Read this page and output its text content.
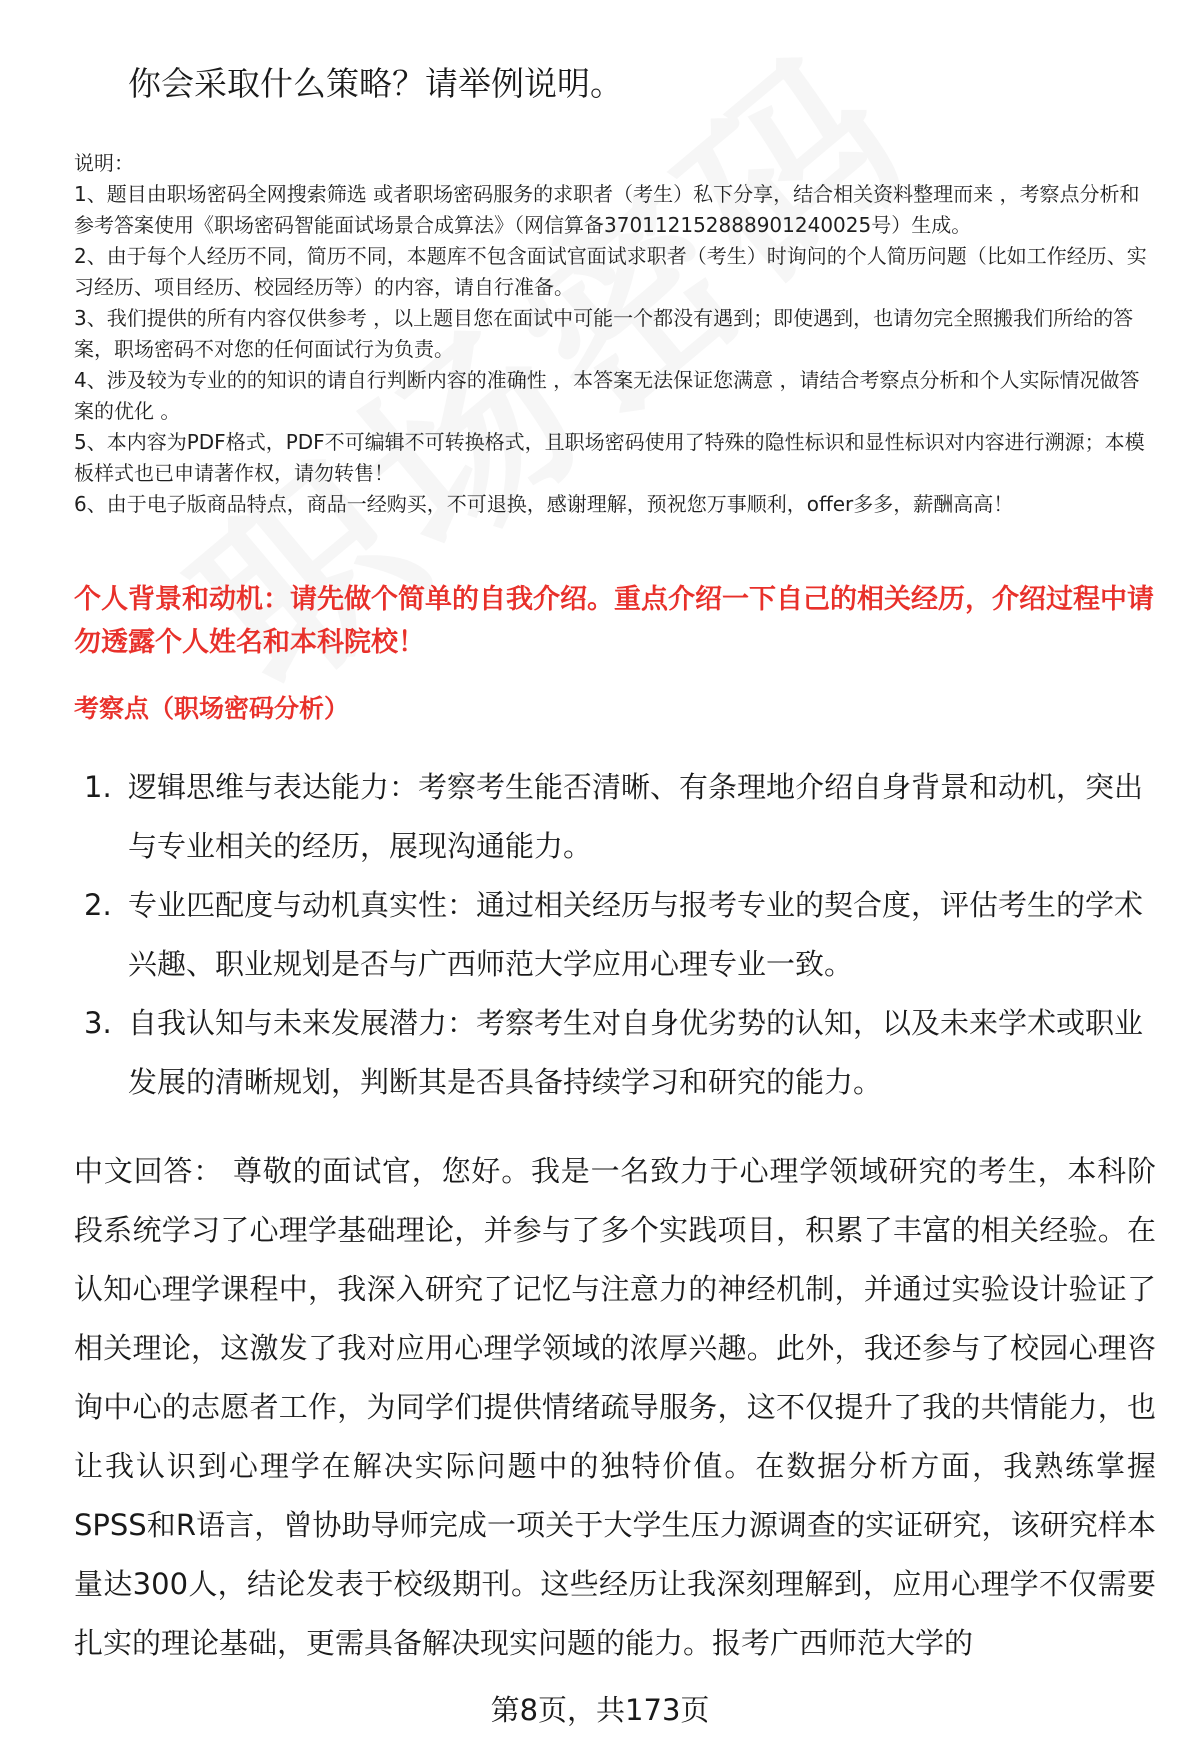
你会采取什么策略？请举例说明。

说明：

1、题目由职场密码全网搜索筛选 或者职场密码服务的求职者（考生）私下分享，结合相关资料整理而来 ，考察点分析和参考答案使用《职场密码智能面试场景合成算法》（网信算备370112152888901240025号）生成。

2、由于每个人经历不同，简历不同，本题库不包含面试官面试求职者（考生）时询问的个人简历问题（比如工作经历、实习经历、项目经历、校园经历等）的内容，请自行准备。

3、我们提供的所有内容仅供参考 ，以上题目您在面试中可能一个都没有遇到；即使遇到，也请勿完全照搬我们所给的答案，职场密码不对您的任何面试行为负责。

4、涉及较为专业的的知识的请自行判断内容的准确性 ，本答案无法保证您满意 ，请结合考察点分析和个人实际情况做答案的优化 。

5、本内容为PDF格式，PDF不可编辑不可转换格式，且职场密码使用了特殊的隐性标识和显性标识对内容进行溯源；本模板样式也已申请著作权，请勿转售！

6、由于电子版商品特点，商品一经购买，不可退换，感谢理解，预祝您万事顺利，offer多多，薪酬高高！

个人背景和动机：请先做个简单的自我介绍。重点介绍一下自己的相关经历，介绍过程中请勿透露个人姓名和本科院校！
考察点（职场密码分析）
1. 逻辑思维与表达能力：考察考生能否清晰、有条理地介绍自身背景和动机，突出与专业相关的经历，展现沟通能力。
2. 专业匹配度与动机真实性：通过相关经历与报考专业的契合度，评估考生的学术兴趣、职业规划是否与广西师范大学应用心理专业一致。
3. 自我认知与未来发展潜力：考察考生对自身优劣势的认知，以及未来学术或职业发展的清晰规划，判断其是否具备持续学习和研究的能力。
中文回答： 尊敬的面试官，您好。我是一名致力于心理学领域研究的考生，本科阶段系统学习了心理学基础理论，并参与了多个实践项目，积累了丰富的相关经验。在认知心理学课程中，我深入研究了记忆与注意力的神经机制，并通过实验设计验证了相关理论，这激发了我对应用心理学领域的浓厚兴趣。此外，我还参与了校园心理咨询中心的志愿者工作，为同学们提供情绪疏导服务，这不仅提升了我的共情能力，也让我认识到心理学在解决实际问题中的独特价值。在数据分析方面，我熟练掌握SPSS和R语言，曾协助导师完成一项关于大学生压力源调查的实证研究，该研究样本量达300人，结论发表于校级期刊。这些经历让我深刻理解到，应用心理学不仅需要扎实的理论基础，更需具备解决现实问题的能力。报考广西师范大学的
第8页，共173页
